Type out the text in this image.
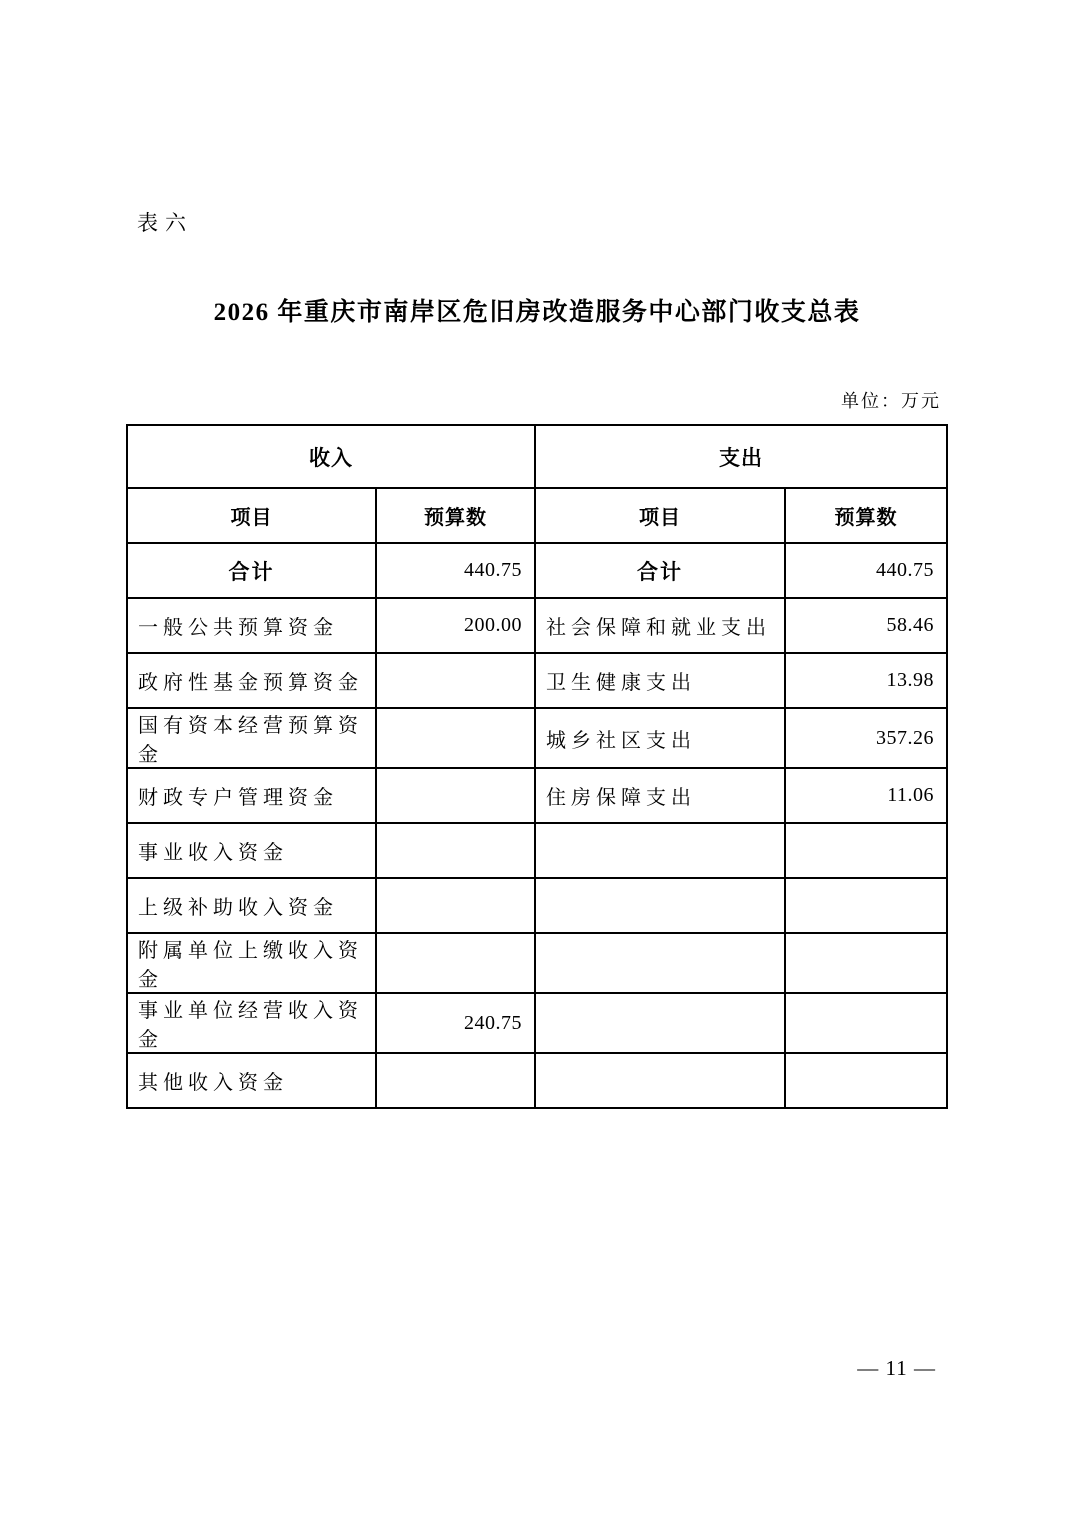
表六
2026 年重庆市南岸区危旧房改造服务中心部门收支总表
单位：万元
收入		支出	
项目	预算数	项目	预算数
合计	440.75	合计	440.75
一般公共预算资金	200.00	社会保障和就业支出	58.46
政府性基金预算资金		卫生健康支出	13.98
国有资本经营预算资金		城乡社区支出	357.26
财政专户管理资金		住房保障支出	11.06
事业收入资金			
上级补助收入资金			
附属单位上缴收入资金			
事业单位经营收入资金	240.75		
其他收入资金			
— 11 —
